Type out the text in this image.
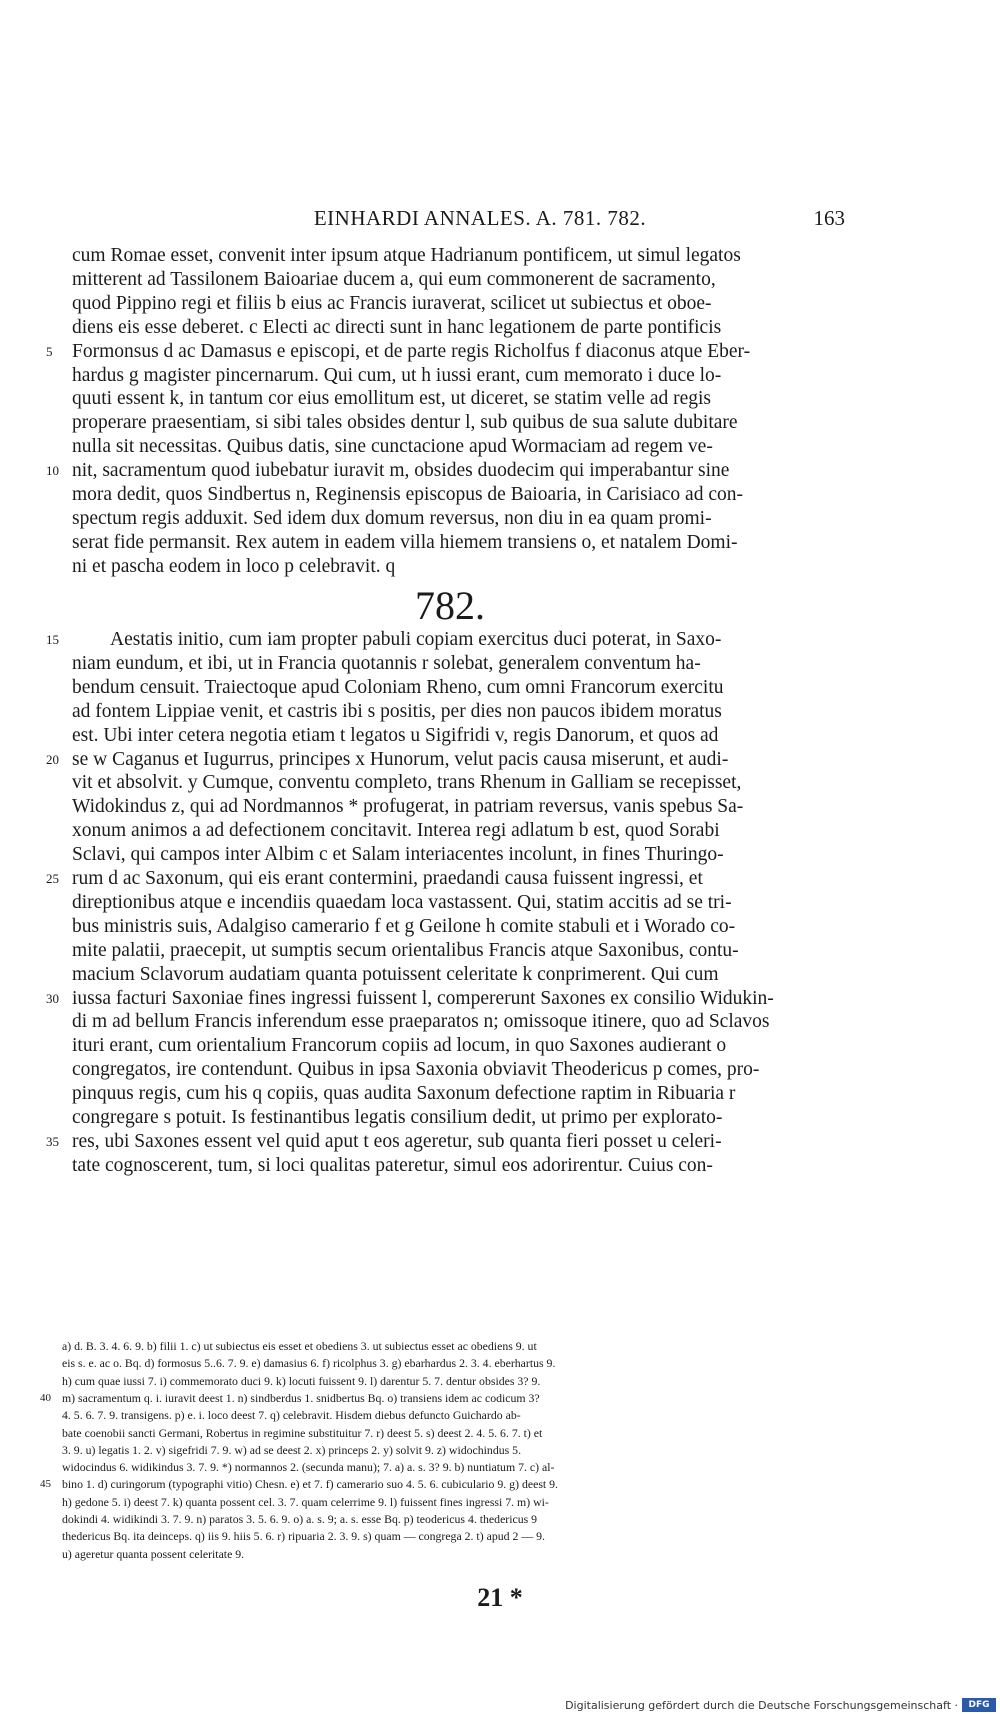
EINHARDI ANNALES. A. 781. 782.	163
cum Romae esset, convenit inter ipsum atque Hadrianum pontificem, ut simul legatos
mitterent ad Tassilonem Baioariae ducem a, qui eum commonerent de sacramento,
quod Pippino regi et filiis b eius ac Francis iuraverat, scilicet ut subiectus et oboe-
diens eis esse deberet. c Electi ac directi sunt in hanc legationem de parte pontificis
5	Formonsus d ac Damasus e episcopi, et de parte regis Richolfus f diaconus atque Eber-
hardus g magister pincernarum. Qui cum, ut h iussi erant, cum memorato i duce lo-
quuti essent k, in tantum cor eius emollitum est, ut diceret, se statim velle ad regis
properare praesentiam, si sibi tales obsides dentur l, sub quibus de sua salute dubitare
nulla sit necessitas. Quibus datis, sine cunctacione apud Wormaciam ad regem ve-
10 nit, sacramentum quod iubebatur iuravit m, obsides duodecim qui imperabantur sine
mora dedit, quos Sindbertus n, Reginensis episcopus de Baioaria, in Carisiaco ad con-
spectum regis adduxit. Sed idem dux domum reversus, non diu in ea quam promi-
serat fide permansit. Rex autem in eadem villa hiemem transiens o, et natalem Domi-
ni et pascha eodem in loco p celebravit. q
782.
15	Aestatis initio, cum iam propter pabuli copiam exercitus duci poterat, in Saxo-
niam eundum, et ibi, ut in Francia quotannis r solebat, generalem conventum ha-
bendum censuit. Traiectoque apud Coloniam Rheno, cum omni Francorum exercitu
ad fontem Lippiae venit, et castris ibi s positis, per dies non paucos ibidem moratus
est. Ubi inter cetera negotia etiam t legatos u Sigifridi v, regis Danorum, et quos ad
20 se w Caganus et Iugurrus, principes x Hunorum, velut pacis causa miserunt, et audi-
vit et absolvit. y Cumque, conventu completo, trans Rhenum in Galliam se recepisset,
Widokindus z, qui ad Nordmannos * profugerat, in patriam reversus, vanis spebus Sa-
xonum animos a ad defectionem concitavit. Interea regi adlatum b est, quod Sorabi
Sclavi, qui campos inter Albim c et Salam interiacentes incolunt, in fines Thuringo-
25 rum d ac Saxonum, qui eis erant contermini, praedandi causa fuissent ingressi, et
direptionibus atque e incendiis quaedam loca vastassent. Qui, statim accitis ad se tri-
bus ministris suis, Adalgiso camerario f et g Geilone h comite stabuli et i Worado co-
mite palatii, praecepit, ut sumptis secum orientalibus Francis atque Saxonibus, contu-
macium Sclavorum audatiam quanta potuissent celeritate k conprimerent. Qui cum
30 iussa facturi Saxoniae fines ingressi fuissent l, compererunt Saxones ex consilio Widukin-
di m ad bellum Francis inferendum esse praeparatos n; omissoque itinere, quo ad Sclavos
ituri erant, cum orientalium Francorum copiis ad locum, in quo Saxones audierant o
congregatos, ire contendunt. Quibus in ipsa Saxonia obviavit Theodericus p comes, pro-
pinquus regis, cum his q copiis, quas audita Saxonum defectione raptim in Ribuaria r
congregare s potuit. Is festinantibus legatis consilium dedit, ut primo per explorato-
35 res, ubi Saxones essent vel quid aput t eos ageretur, sub quanta fieri posset u celeri-
tate cognoscerent, tum, si loci qualitas pateretur, simul eos adorirentur. Cuius con-
a) d. B. 3. 4. 6. 9. b) filii 1. c) ut subiectus eis esset et obediens 3. ut subiectus esset ac obediens 9. ut
eis s. e. ac o. Bq. d) formosus 5..6. 7. 9. e) damasius 6. f) ricolphus 3. g) ebarhardus 2. 3. 4. eberhartus 9.
h) cum quae iussi 7. i) commemorato duci 9. k) locuti fuissent 9. l) darentur 5. 7. dentur obsides 3? 9.
40 m) sacramentum q. i. iuravit deest 1. n) sindberdus 1. snidbertus Bq. o) transiens idem ac codicum 3?
4. 5. 6. 7. 9. transigens. p) e. i. loco deest 7. q) celebravit. Hisdem diebus defuncto Guichardo ab-
bate coenobii sancti Germani, Robertus in regimine substituitur 7. r) deest 5. s) deest 2. 4. 5. 6. 7. t) et
3. 9. u) legatis 1. 2. v) sigefridi 7. 9. w) ad se deest 2. x) princeps 2. y) solvit 9. z) widochindus 5.
widocindus 6. widikindus 3. 7. 9. *) normannos 2. (secunda manu); 7. a) a. s. 3? 9. b) nuntiatum 7. c) al-
45 bino 1. d) curingorum (typographi vitio) Chesn. e) et 7. f) camerario suo 4. 5. 6. cubiculario 9. g) deest 9.
h) gedone 5. i) deest 7. k) quanta possent cel. 3. 7. quam celerrime 9. l) fuissent fines ingressi 7. m) wi-
dokindi 4. widikindi 3. 7. 9. n) paratos 3. 5. 6. 9. o) a. s. 9; a. s. esse Bq. p) teodericus 4. thedericus 9
thedericus Bq. ita deinceps. q) iis 9. hiis 5. 6. r) ripuaria 2. 3. 9. s) quam — congrega 2. t) apud 2 — 9.
u) ageretur quanta possent celeritate 9.
21 *
Digitalisierung gefördert durch die Deutsche Forschungsgemeinschaft ·	DFG
